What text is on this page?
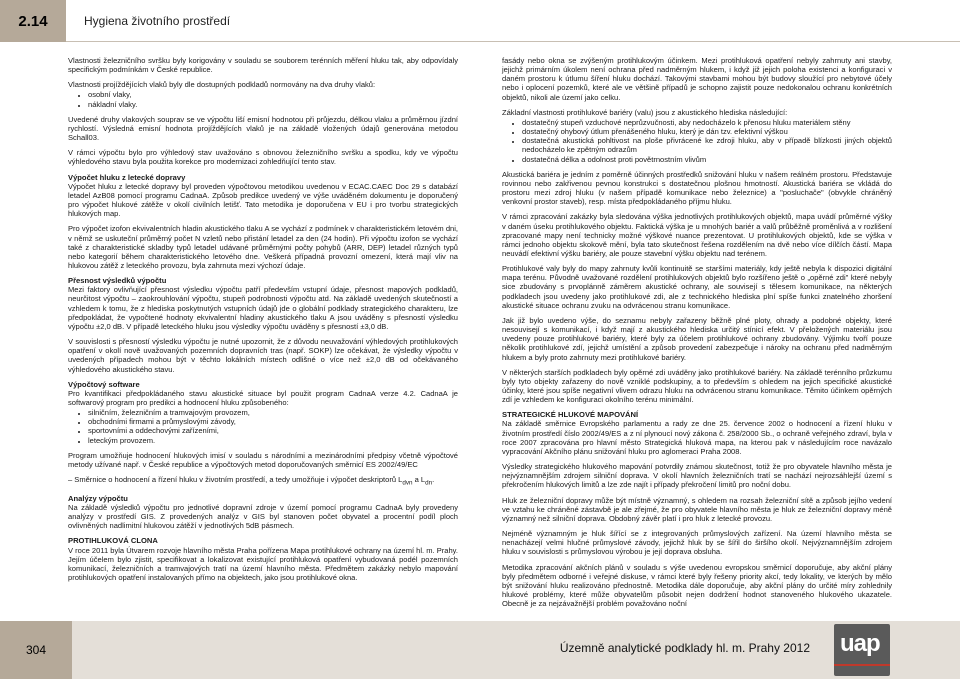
2.14	Hygiena životního prostředí

Vlastnosti železničního svršku byly korigovány v souladu se souborem terénních měření hluku tak, aby odpovídaly specifickým podmínkám v České republice.

Vlastnosti projíždějících vlaků byly dle dostupných podkladů normovány na dva druhy vlaků:

• osobní vlaky,
• nákladní vlaky.

Uvedené druhy vlakových souprav se ve výpočtu liší emisní hodnotou při průjezdu, délkou vlaku a průměrnou jízdní rychlostí. Výsledná emisní hodnota projíždějících vlaků je na základě vložených údajů generována metodou Schall03.

V rámci výpočtu bylo pro výhledový stav uvažováno s obnovou železničního svršku a spodku, kdy ve výpočtu výhledového stavu byla použita korekce pro modernizaci zohledňující tento stav.

Výpočet hluku z letecké dopravy

Výpočet hluku z letecké dopravy byl proveden výpočtovou metodikou uvedenou v ECAC.CAEC Doc 29 s databází letadel AzB08 pomocí programu CadnaA. Způsob predikce uvedený ve výše uváděném dokumentu je doporučený pro výpočet hlukové zátěže v okolí civilních letišť. Tato metodika je doporučena v EU i pro tvorbu strategických hlukových map.

Pro výpočet izofon ekvivalentních hladin akustického tlaku A se vychází z podmínek v charakteristickém letovém dni, v němž se uskuteční průměrný počet N vzletů nebo přistání letadel za den (24 hodin). Při výpočtu izofon se vychází také z charakteristické skladby typů letadel udávané průměrnými počty pohybů (ARR, DEP) letadel různých typů nebo kategorií během charakteristického letového dne. Veškerá případná provozní omezení, která mají vliv na hlukovou zátěž z leteckého provozu, byla zahrnuta mezi výchozí údaje.

Přesnost výsledků výpočtu

Mezi faktory ovlivňující přesnost výsledku výpočtu patří především vstupní údaje, přesnost mapových podkladů, neurčitost výpočtu – zaokrouhlování výpočtu, stupeň podrobnosti výpočtu atd. Na základě uvedených skutečností a vzhledem k tomu, že z hlediska poskytnutých vstupních údajů jde o globální podklady strategického charakteru, lze předpokládat, že vypočtené hodnoty ekvivalentní hladiny akustického tlaku A jsou uváděny s přesností výsledku výpočtu ±2,0 dB. V případě leteckého hluku jsou výsledky výpočtu uváděny s přesností ±3,0 dB.

V souvislosti s přesností výsledku výpočtu je nutné upozornit, že z důvodu neuvažování výhledových protihlukových opatření v okolí nově uvažovaných pozemních dopravních tras (např. SOKP) lze očekávat, že výsledky výpočtu v uvedených případech mohou být v těchto lokálních místech odlišné o více než ±2,0 dB od očekávaného výhledového akustického stavu.

Výpočtový software

Pro kvantifikaci předpokládaného stavu akustické situace byl použit program CadnaA verze 4.2. CadnaA je softwarový program pro predikci a hodnocení hluku způsobeného:

• silničním, železničním a tramvajovým provozem,
• obchodními firmami a průmyslovými závody,
• sportovními a oddechovými zařízeními,
• leteckým provozem.

Program umožňuje hodnocení hlukových imisí v souladu s národními a mezinárodními předpisy včetně výpočtové metody užívané např. v České republice a výpočtových metod doporučovaných směrnicí ES 2002/49/EC

– Směrnice o hodnocení a řízení hluku v životním prostředí, a tedy umožňuje i výpočet deskriptorů $L_{dvn}$ a $L_{dn}$.

Analýzy výpočtu

Na základě výsledků výpočtu pro jednotlivé dopravní zdroje v území pomocí programu CadnaA byly provedeny analýzy v prostředí GIS. Z provedených analýz v GIS byl stanoven počet obyvatel a procentní podíl ploch ovlivněných nadlimitní hlukovou zátěží v jednotlivých 5dB pásmech.

PROTIHLUKOVÁ CLONA

V roce 2011 byla Útvarem rozvoje hlavního města Praha pořízena Mapa protihlukové ochrany na území hl. m. Prahy. Jejím účelem bylo zjistit, specifikovat a lokalizovat existující protihluková opatření vybudovaná podél pozemních komunikací, železničních a tramvajových tratí na území hlavního města. Předmětem zakázky nebylo mapování protihlukových opatření instalovaných přímo na objektech, jako jsou protihlukové okna.

fasády nebo okna se zvýšeným protihlukovým účinkem. Mezi protihluková opatření nebyly zahrnuty ani stavby, jejichž primárním úkolem není ochrana před nadměrným hlukem, i když již jejich poloha existenci a konfiguraci v daném prostoru k útlumu šíření hluku dochází. Takovými stavbami mohou být budovy sloužící pro nebytové účely nebo i oplocení pozemků, které ale ve většině případů je schopno zajistit pouze nedokonalou ochranu konkrétních objektů, nikoli ale území jako celku.

Základní vlastnosti protihlukové bariéry (valu) jsou z akustického hlediska následující:

• dostatečný stupeň vzduchové neprůzvučnosti, aby nedocházelo k přenosu hluku materiálem stěny
• dostatečný ohybový útlum přenášeného hluku, který je dán tzv. efektivní výškou
• dostatečná akustická pohltivost na ploše přivrácené ke zdroji hluku, aby v případě blízkosti jiných objektů nedocházelo ke zpětným odrazům
• dostatečná délka a odolnost proti povětrnostním vlivům

Akustická bariéra je jedním z poměrně účinných prostředků snižování hluku v našem reálném prostoru. Představuje rovinnou nebo zakřivenou pevnou konstrukci s dostatečnou plošnou hmotností. Akustická bariéra se vkládá do prostoru mezi zdroj hluku (v našem případě komunikace nebo železnice) a "posluchače" (obvykle chráněný venkovní prostor staveb), resp. místa předpokládaného příjmu hluku.

V rámci zpracování zakázky byla sledována výška jednotlivých protihlukových objektů, mapa uvádí průměrné výšky v daném úseku protihlukového objektu. Faktická výška je u mnohých bariér a valů průběžně proměnlivá a v rozlišení zpracované mapy není technicky možné výškové nuance prezentovat. U protihlukových objektů, kde se výška v rámci jednoho objektu skokově mění, byla tato skutečnost řešena rozdělením na dvě nebo více dílčích částí. Mapa neuvádí efektivní výšku bariéry, ale pouze stavební výšku objektu nad terénem.

Protihlukové valy byly do mapy zahrnuty kvůli kontinuitě se staršími materiály, kdy ještě nebyla k dispozici digitální mapa terénu. Původně uvažované rozdělení protihlukových objektů bylo rozšířeno ještě o „opěrné zdi" které nebyly sice zbudovány s prvoplánně záměrem akustické ochrany, ale souvisejí s tělesem komunikace, na některých podkladech jsou uvedeny jako protihlukové zdi, ale z technického hlediska plní spíše funkci znatelného zhoršení akustické situace ochranu zvuku na odvrácenou stranu komunikace.

Jak již bylo uvedeno výše, do seznamu nebyly zařazeny běžně plné ploty, ohrady a podobné objekty, které nesouvisejí s komunikací, i když mají z akustického hlediska určitý stínicí efekt. V přeložených materiálu jsou uvedeny pouze protihlukové bariéry, které byly za účelem protihlukové ochrany zbudovány. Výjimku tvoří pouze několik protihlukové zdí, jejichž umístění a způsob provedení zabezpečuje i nároky na ochranu před nadměrným hlukem a byly proto zahrnuty mezi protihlukové bariéry.

V některých starších podkladech byly opěrné zdi uváděny jako protihlukové bariéry. Na základě terénního průzkumu byly tyto objekty zařazeny do nově vzniklé podskupiny, a to především s ohledem na jejich specifické akustické účinky, které jsou spíše negativní vlivem odrazu hluku na odvrácenou stranu komunikace. Těmito účinkem opěrných zdí je vzhledem ke konfiguraci okolního terénu minimální.

STRATEGICKÉ HLUKOVÉ MAPOVÁNÍ

Na základě směrnice Evropského parlamentu a rady ze dne 25. července 2002 o hodnocení a řízení hluku v životním prostředí číslo 2002/49/ES a z ní plynoucí nový zákona č. 258/2000 Sb., o ochraně veřejného zdraví, byla v roce 2007 zpracována pro hlavní město Strategická hluková mapa, na kterou pak v následujícím roce navázalo vypracování Akčního plánu snižování hluku pro aglomeraci Praha 2008.

Výsledky strategického hlukového mapování potvrdily známou skutečnost, totiž že pro obyvatele hlavního města je nejvýznamnějším zdrojem silniční doprava. V okolí hlavních železničních tratí se nachází nejrozsáhlejší území s překročením hlukových limitů a lze zde najít i případy překročení limitů pro noční dobu.

Hluk ze železniční dopravy může být místně významný, s ohledem na rozsah železniční sítě a způsob jejího vedení ve vztahu ke chráněné zástavbě je ale zřejmé, že pro obyvatele hlavního města je hluk ze železniční dopravy méně významný než silniční doprava. Obdobný závěr platí i pro hluk z letecké provozu.

Nejméně významným je hluk šířící se z integrovaných průmyslových zařízení. Na území hlavního města se nenacházejí velmi hlučné průmyslové závody, jejichž hluk by se šířil do širšího okolí. Nejvýznamnějším zdrojem hluku v souvislosti s průmyslovou výrobou je její doprava obsluha.

Metodika zpracování akčních plánů v souladu s výše uvedenou evropskou směrnicí doporučuje, aby akční plány byly předmětem odborné i veřejné diskuse, v rámci které byly řešeny priority akcí, tedy lokality, ve kterých by mělo být snižování hluku realizováno přednostně. Metodika dále doporučuje, aby akční plány do určité míry zohlednily hlukové problémy, které může obyvatelům působit nejen dodržení hodnot stanoveného hlukového ukazatele. Obecně je za nejzávažnější problém považováno noční

304	Územně analytické podklady hl. m. Prahy 2012 uap
